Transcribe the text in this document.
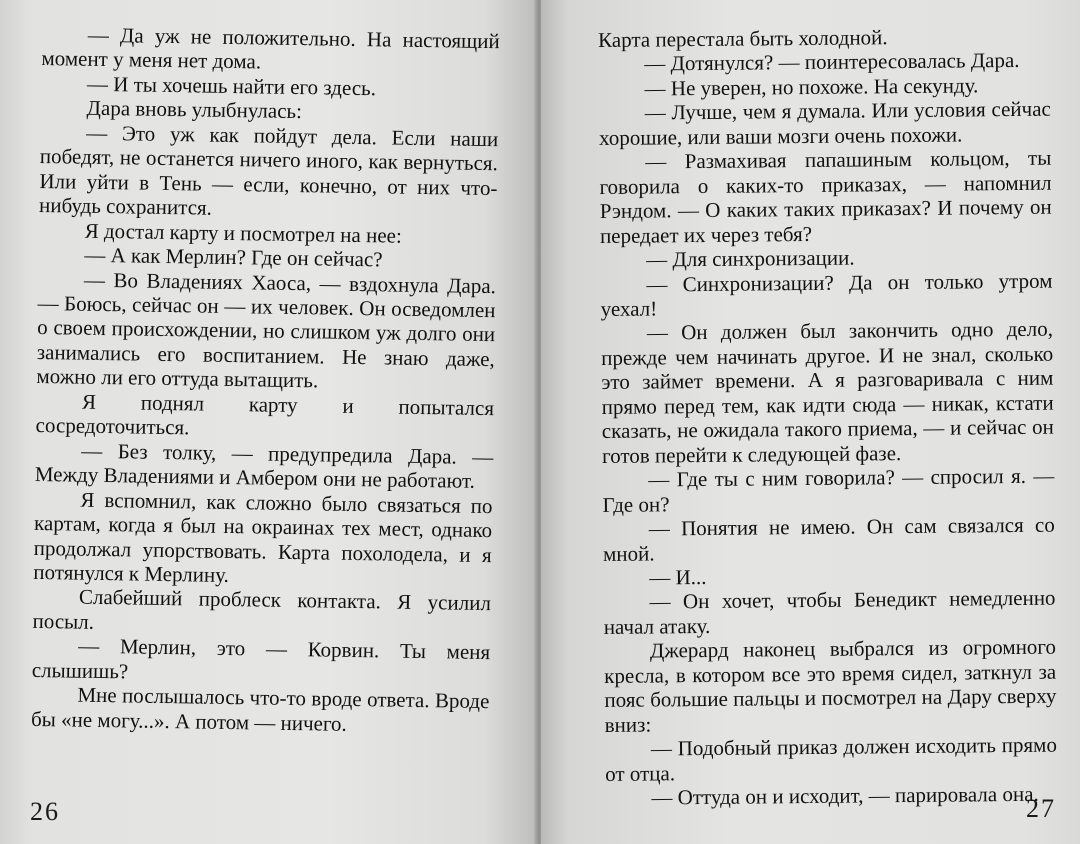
— Да уж не положительно. На настоящий момент у меня нет дома.

— И ты хочешь найти его здесь.

Дара вновь улыбнулась:

— Это уж как пойдут дела. Если наши победят, не останется ничего иного, как вернуться. Или уйти в Тень — если, конечно, от них что-нибудь сохранится.

Я достал карту и посмотрел на нее:

— А как Мерлин? Где он сейчас?

— Во Владениях Хаоса, — вздохнула Дара. — Боюсь, сейчас он — их человек. Он осведомлен о своем происхождении, но слишком уж долго они занимались его воспитанием. Не знаю даже, можно ли его оттуда вытащить.

Я поднял карту и попытался сосредоточиться.

— Без толку, — предупредила Дара. — Между Владениями и Амбером они не работают.

Я вспомнил, как сложно было связаться по картам, когда я был на окраинах тех мест, однако продолжал упорствовать. Карта похолодела, и я потянулся к Мерлину.

Слабейший проблеск контакта. Я усилил посыл.

— Мерлин, это — Корвин. Ты меня слышишь?

Мне послышалось что-то вроде ответа. Вроде бы «не могу...». А потом — ничего.

26

Карта перестала быть холодной.

— Дотянулся? — поинтересовалась Дара.

— Не уверен, но похоже. На секунду.

— Лучше, чем я думала. Или условия сейчас хорошие, или ваши мозги очень похожи.

— Размахивая папашиным кольцом, ты говорила о каких-то приказах, — напомнил Рэндом. — О каких таких приказах? И почему он передает их через тебя?

— Для синхронизации.

— Синхронизации? Да он только утром уехал!

— Он должен был закончить одно дело, прежде чем начинать другое. И не знал, сколько это займет времени. А я разговаривала с ним прямо перед тем, как идти сюда — никак, кстати сказать, не ожидала такого приема, — и сейчас он готов перейти к следующей фазе.

— Где ты с ним говорила? — спросил я. — Где он?

— Понятия не имею. Он сам связался со мной.

— И...

— Он хочет, чтобы Бенедикт немедленно начал атаку.

Джерард наконец выбрался из огромного кресла, в котором все это время сидел, заткнул за пояс большие пальцы и посмотрел на Дару сверху вниз:

— Подобный приказ должен исходить прямо от отца.

— Оттуда он и исходит, — парировала она.

27
